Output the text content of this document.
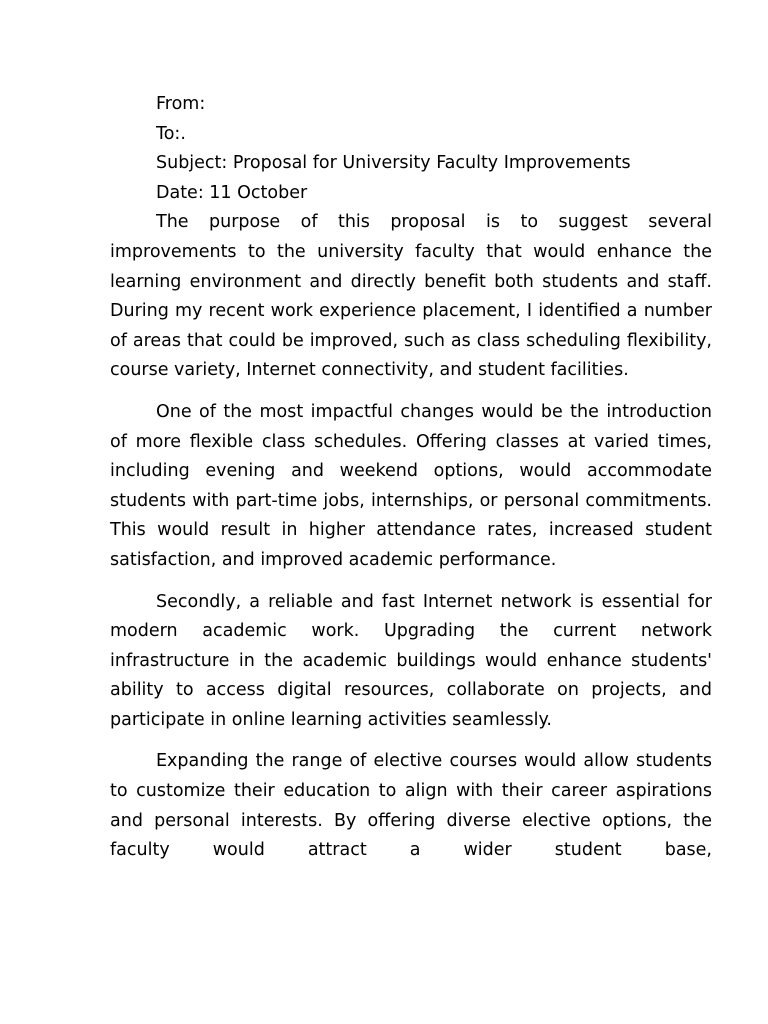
From:

To:.

Subject: Proposal for University Faculty Improvements

Date: 11 October

The purpose of this proposal is to suggest several improvements to the university faculty that would enhance the learning environment and directly benefit both students and staff. During my recent work experience placement, I identified a number of areas that could be improved, such as class scheduling flexibility, course variety, Internet connectivity, and student facilities.

One of the most impactful changes would be the introduction of more flexible class schedules. Offering classes at varied times, including evening and weekend options, would accommodate students with part-time jobs, internships, or personal commitments. This would result in higher attendance rates, increased student satisfaction, and improved academic performance.

Secondly, a reliable and fast Internet network is essential for modern academic work. Upgrading the current network infrastructure in the academic buildings would enhance students' ability to access digital resources, collaborate on projects, and participate in online learning activities seamlessly.

Expanding the range of elective courses would allow students to customize their education to align with their career aspirations and personal interests. By offering diverse elective options, the faculty would attract a wider student base,
